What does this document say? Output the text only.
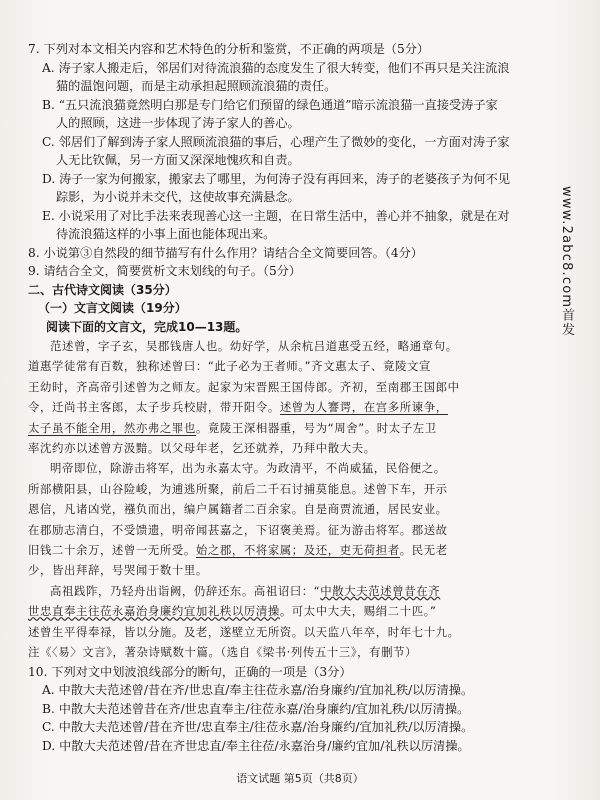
7. 下列对本文相关内容和艺术特色的分析和鉴赏，不正确的两项是（5分）

A. 涛子家人搬走后，邻居们对待流浪猫的态度发生了很大转变，他们不再只是关注流浪

猫的温饱问题，而是主动承担起照顾流浪猫的责任。

B. “五只流浪猫竟然明白那是专门给它们预留的绿色通道”暗示流浪猫一直接受涛子家

人的照顾，这进一步体现了涛子家人的善心。

C. 邻居们了解到涛子家人照顾流浪猫的事后，心理产生了微妙的变化，一方面对涛子家

人无比钦佩，另一方面又深深地愧疚和自责。

D. 涛子一家为何搬家，搬家去了哪里，为何涛子没有再回来，涛子的老婆孩子为何不见

踪影，为小说并未交代，这使故事充满悬念。

E. 小说采用了对比手法来表现善心这一主题，在日常生活中，善心并不抽象，就是在对

待流浪猫这样的小事上面也能体现出来。

8. 小说第③自然段的细节描写有什么作用？请结合全文简要回答。（4分）

9. 请结合全文，简要赏析文末划线的句子。（5分）

二、古代诗文阅读（35分）

（一）文言文阅读（19分）

阅读下面的文言文，完成10—13题。

范述曾，字子玄，吴郡钱唐人也。幼好学，从余杭吕道惠受五经，略通章句。

道惠学徒常有百数，独称述曾曰：“此子必为王者师。”齐文惠太子、竟陵文宣

王幼时，齐高帝引述曾为之师友。起家为宋晋熙王国侍郎。齐初，至南郡王国郎中

令，迁尚书主客郎，太子步兵校尉，带开阳令。述曾为人謇谔，在宫多所谏争，

太子虽不能全用，然亦弗之罪也。竟陵王深相器重，号为“周舍”。时太子左卫

率沈约亦以述曾方汲黯。以父母年老，乞还就养，乃拜中散大夫。

明帝即位，除游击将军，出为永嘉太守。为政清平，不尚威猛，民俗便之。

所部横阳县，山谷险峻，为逋逃所聚，前后二千石讨捕莫能息。述曾下车，开示

恩信，凡诸凶党，襁负而出，编户属籍者二百余家。自是商贾流通，居民安业。

在郡励志清白，不受馈遗，明帝闻甚嘉之，下诏褒美焉。征为游击将军。郡送故

旧钱二十余万，述曾一无所受。始之郡，不将家属；及还，吏无荷担者。民无老

少，皆出拜辞，号哭闻于数十里。

高祖践阼，乃轻舟出诣阙，仍辞还东。高祖诏曰：“中散大夫范述曾昔在齐

世忠直奉主往莅永嘉治身廉约宜加礼秩以厉清操。可太中大夫，赐绢二十匹。”

述曾生平得奉禄，皆以分施。及老，遂壁立无所资。以天监八年卒，时年七十九。

注《〈易〉文言》，著杂诗赋数十篇。（选自《梁书·列传五十三》，有删节）

10. 下列对文中划波浪线部分的断句，正确的一项是（3分）

A. 中散大夫范述曾/昔在齐/世忠直/奉主往莅永嘉/治身廉约/宜加礼秩/以厉清操。

B. 中散大夫范述曾昔在齐/世忠直奉主/往莅永嘉/治身廉约/宜加礼秩/以厉清操。

C. 中散大夫范述曾/昔在齐世/忠直奉主/往莅永嘉/治身廉约/宜加礼秩/以厉清操。

D. 中散大夫范述曾/昔在齐世忠直/奉主往莅/永嘉治身/廉约宜加/礼秩以厉清操。

www.2abc8.com首发
语文试题 第5页（共8页）
